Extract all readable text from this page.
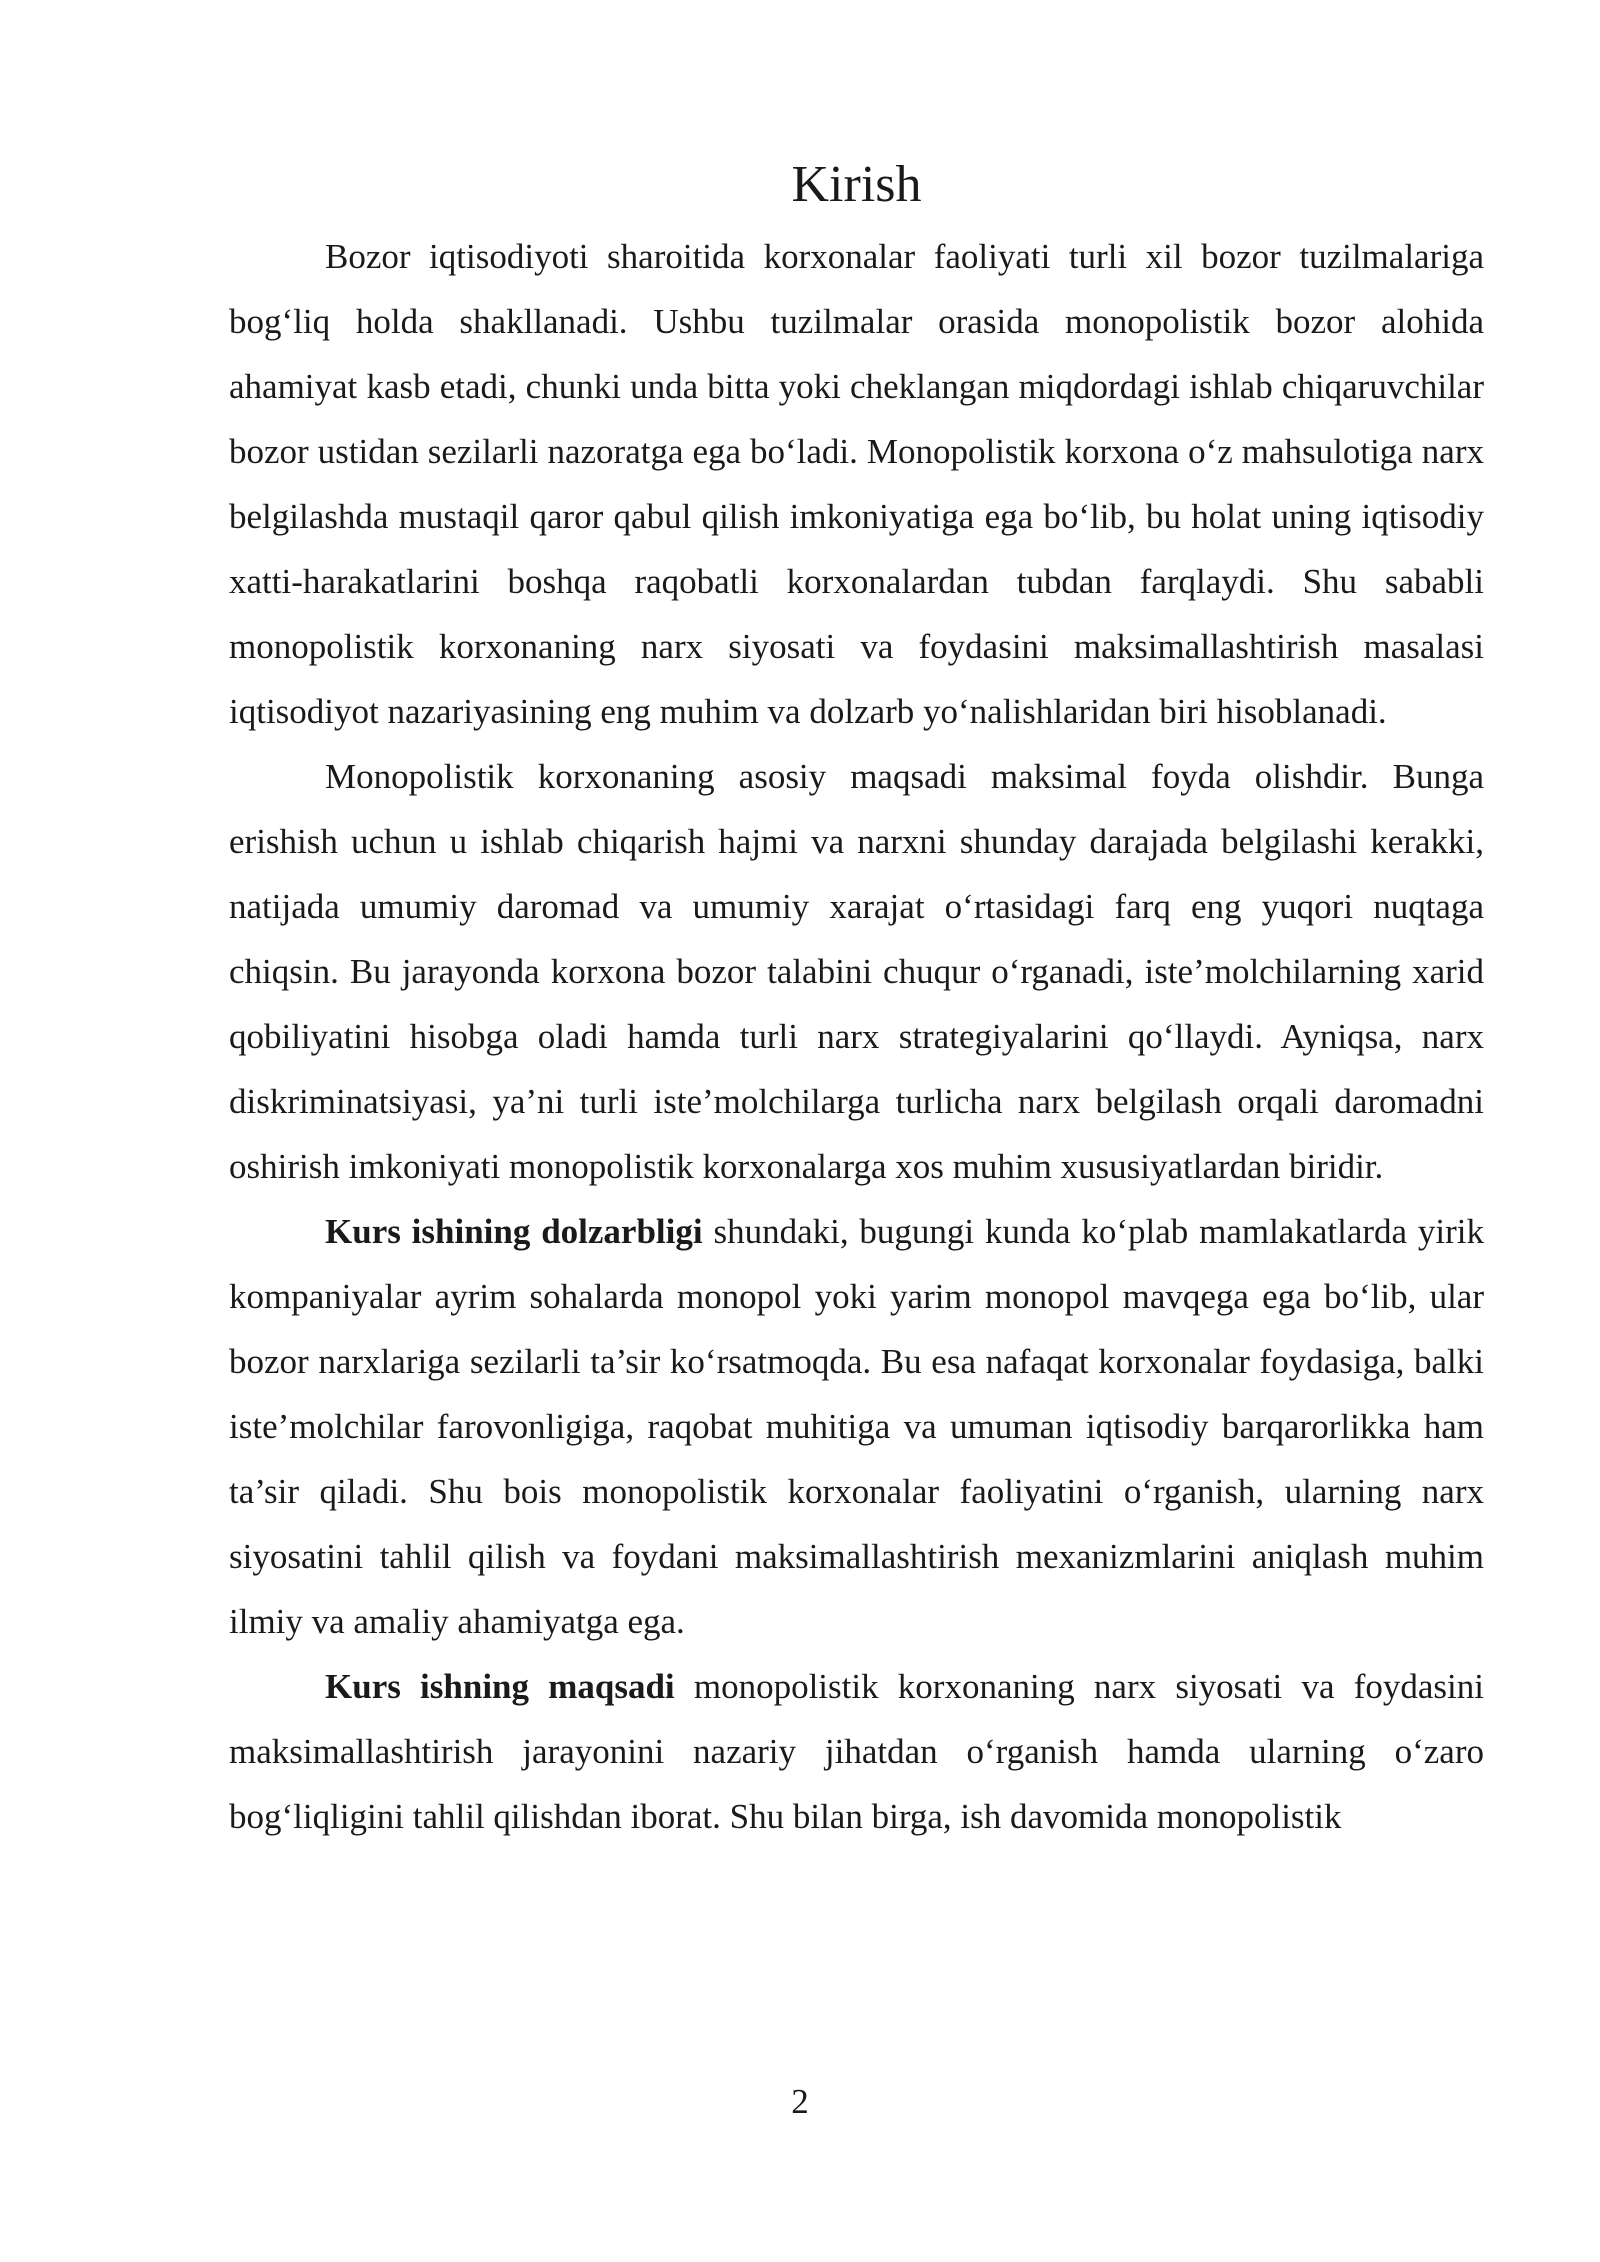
Kirish

Bozor iqtisodiyoti sharoitida korxonalar faoliyati turli xil bozor tuzilmalariga bog‘liq holda shakllanadi. Ushbu tuzilmalar orasida monopolistik bozor alohida ahamiyat kasb etadi, chunki unda bitta yoki cheklangan miqdordagi ishlab chiqaruvchilar bozor ustidan sezilarli nazoratga ega bo‘ladi. Monopolistik korxona o‘z mahsulotiga narx belgilashda mustaqil qaror qabul qilish imkoniyatiga ega bo‘lib, bu holat uning iqtisodiy xatti-harakatlarini boshqa raqobatli korxonalardan tubdan farqlaydi. Shu sababli monopolistik korxonaning narx siyosati va foydasini maksimallashtirish masalasi iqtisodiyot nazariyasining eng muhim va dolzarb yo‘nalishlaridan biri hisoblanadi.

Monopolistik korxonaning asosiy maqsadi maksimal foyda olishdir. Bunga erishish uchun u ishlab chiqarish hajmi va narxni shunday darajada belgilashi kerakki, natijada umumiy daromad va umumiy xarajat o‘rtasidagi farq eng yuqori nuqtaga chiqsin. Bu jarayonda korxona bozor talabini chuqur o‘rganadi, iste’molchilarning xarid qobiliyatini hisobga oladi hamda turli narx strategiyalarini qo‘llaydi. Ayniqsa, narx diskriminatsiyasi, ya’ni turli iste’molchilarga turlicha narx belgilash orqali daromadni oshirish imkoniyati monopolistik korxonalarga xos muhim xususiyatlardan biridir.

Kurs ishining dolzarbligi shundaki, bugungi kunda ko‘plab mamlakatlarda yirik kompaniyalar ayrim sohalarda monopol yoki yarim monopol mavqega ega bo‘lib, ular bozor narxlariga sezilarli ta’sir ko‘rsatmoqda. Bu esa nafaqat korxonalar foydasiga, balki iste’molchilar farovonligiga, raqobat muhitiga va umuman iqtisodiy barqarorlikka ham ta’sir qiladi. Shu bois monopolistik korxonalar faoliyatini o‘rganish, ularning narx siyosatini tahlil qilish va foydani maksimallashtirish mexanizmlarini aniqlash muhim ilmiy va amaliy ahamiyatga ega.

Kurs ishning maqsadi monopolistik korxonaning narx siyosati va foydasini maksimallashtirish jarayonini nazariy jihatdan o‘rganish hamda ularning o‘zaro bog‘liqligini tahlil qilishdan iborat. Shu bilan birga, ish davomida monopolistik

2
